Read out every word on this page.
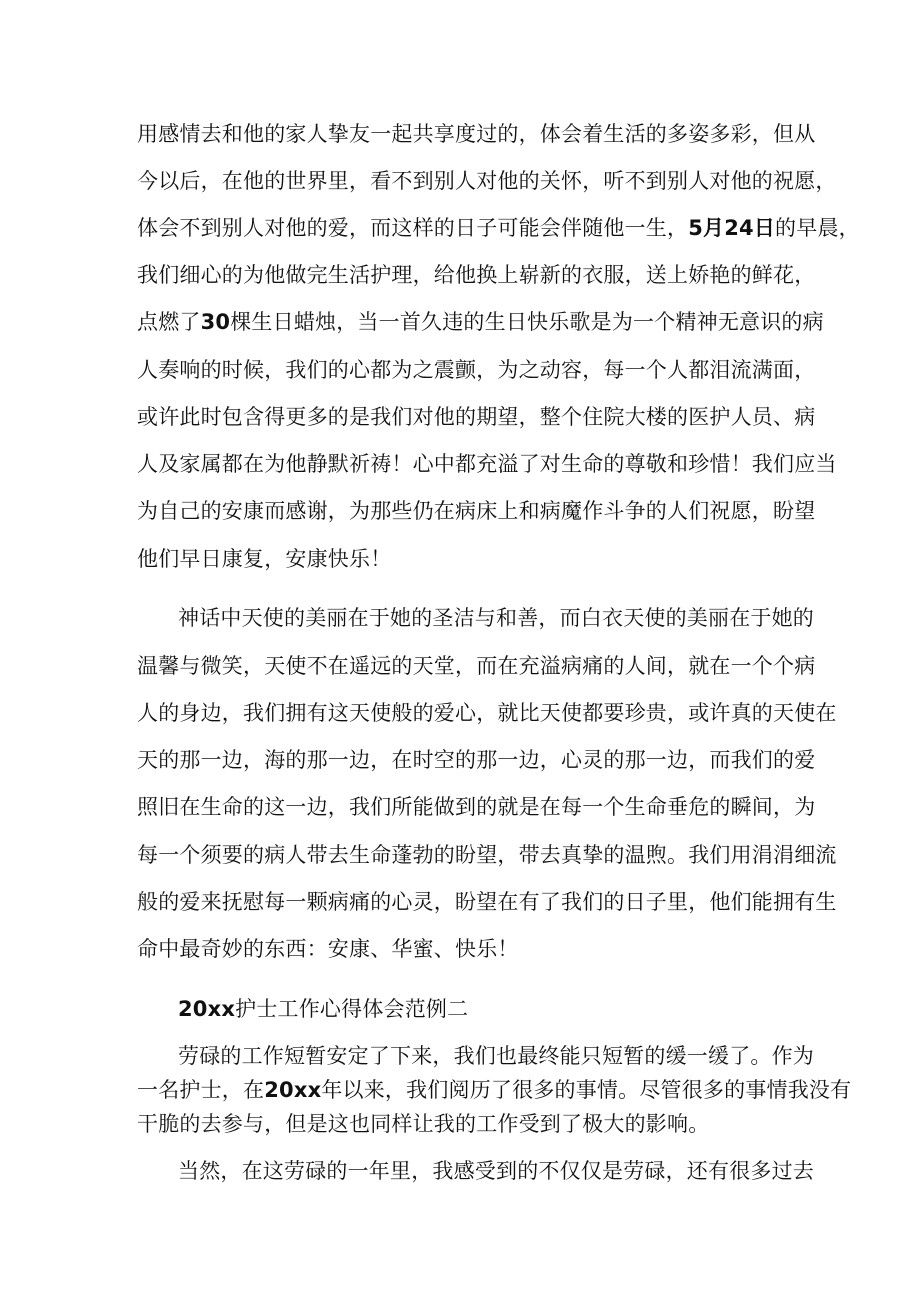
用感情去和他的家人挚友一起共享度过的，体会着生活的多姿多彩，但从
今以后，在他的世界里，看不到别人对他的关怀，听不到别人对他的祝愿，
体会不到别人对他的爱，而这样的日子可能会伴随他一生，5月24日的早晨，
我们细心的为他做完生活护理，给他换上崭新的衣服，送上娇艳的鲜花，
点燃了30棵生日蜡烛，当一首久违的生日快乐歌是为一个精神无意识的病
人奏响的时候，我们的心都为之震颤，为之动容，每一个人都泪流满面，
或许此时包含得更多的是我们对他的期望，整个住院大楼的医护人员、病
人及家属都在为他静默祈祷！心中都充溢了对生命的尊敬和珍惜！我们应当
为自己的安康而感谢，为那些仍在病床上和病魔作斗争的人们祝愿，盼望
他们早日康复，安康快乐！
神话中天使的美丽在于她的圣洁与和善，而白衣天使的美丽在于她的
温馨与微笑，天使不在遥远的天堂，而在充溢病痛的人间，就在一个个病
人的身边，我们拥有这天使般的爱心，就比天使都要珍贵，或许真的天使在
天的那一边，海的那一边，在时空的那一边，心灵的那一边，而我们的爱
照旧在生命的这一边，我们所能做到的就是在每一个生命垂危的瞬间，为
每一个须要的病人带去生命蓬勃的盼望，带去真挚的温煦。我们用涓涓细流
般的爱来抚慰每一颗病痛的心灵，盼望在有了我们的日子里，他们能拥有生
命中最奇妙的东西：安康、华蜜、快乐！
20xx护士工作心得体会范例二
劳碌的工作短暂安定了下来，我们也最终能只短暂的缓一缓了。作为
一名护士，在20xx年以来，我们阅历了很多的事情。尽管很多的事情我没有
干脆的去参与，但是这也同样让我的工作受到了极大的影响。
当然，在这劳碌的一年里，我感受到的不仅仅是劳碌，还有很多过去
